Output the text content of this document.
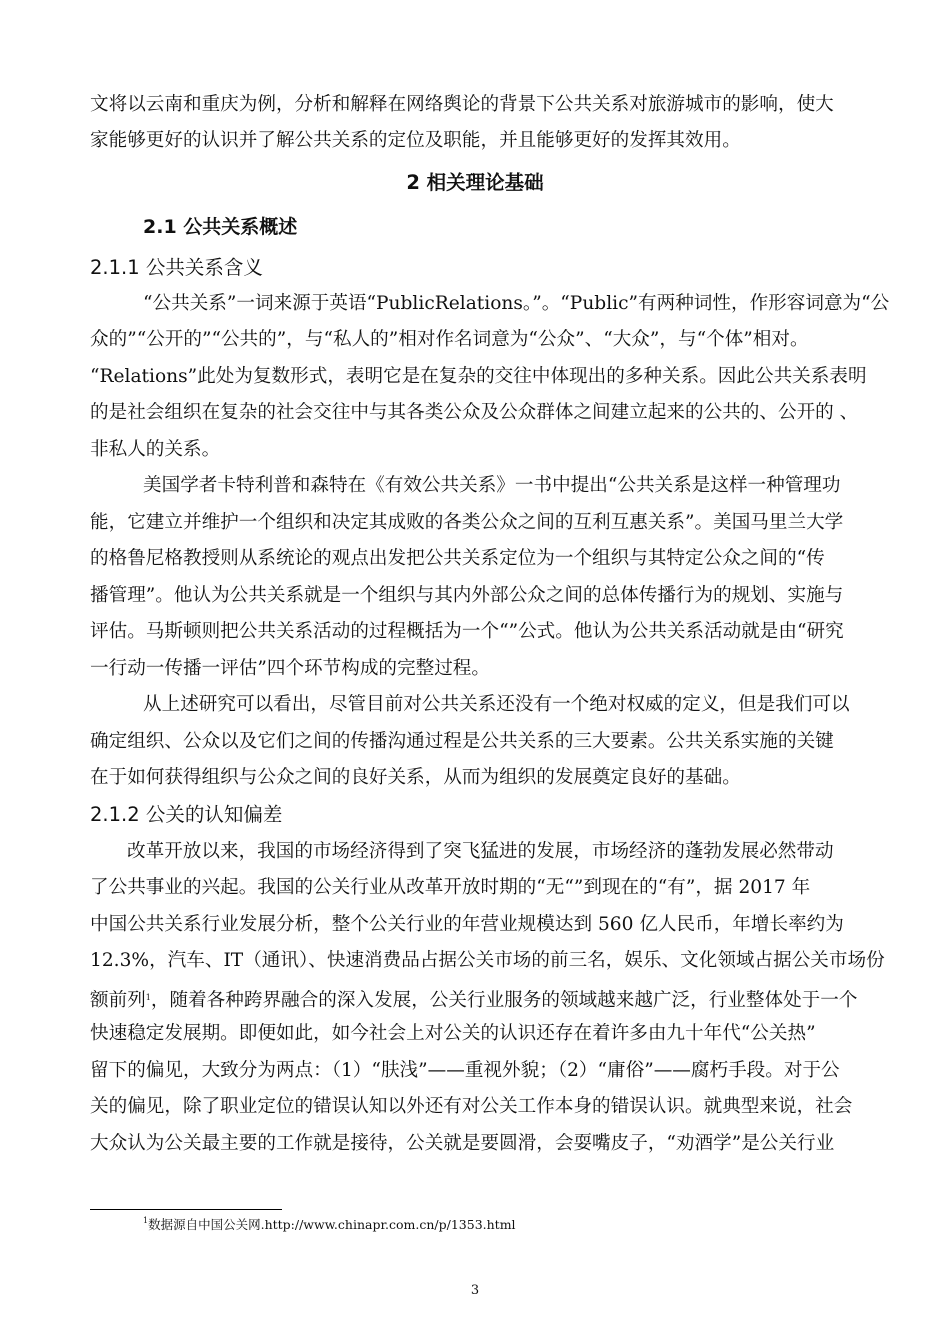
文将以云南和重庆为例，分析和解释在网络舆论的背景下公共关系对旅游城市的影响，使大
家能够更好的认识并了解公共关系的定位及职能，并且能够更好的发挥其效用。
2 相关理论基础
2.1 公共关系概述
2.1.1 公共关系含义
“公共关系”一词来源于英语“PublicRelations。”。“Public”有两种词性，作形容词意为“公
众的”“公开的”“公共的”，与“私人的”相对作名词意为“公众”、“大众”，与“个体”相对。
“Relations”此处为复数形式，表明它是在复杂的交往中体现出的多种关系。因此公共关系表明
的是社会组织在复杂的社会交往中与其各类公众及公众群体之间建立起来的公共的、公开的 、
非私人的关系。
美国学者卡特利普和森特在《有效公共关系》一书中提出“公共关系是这样一种管理功
能，它建立并维护一个组织和决定其成败的各类公众之间的互利互惠关系”。美国马里兰大学
的格鲁尼格教授则从系统论的观点出发把公共关系定位为一个组织与其特定公众之间的“传
播管理”。他认为公共关系就是一个组织与其内外部公众之间的总体传播行为的规划、实施与
评估。马斯顿则把公共关系活动的过程概括为一个“”公式。他认为公共关系活动就是由“研究
一行动一传播一评估”四个环节构成的完整过程。
从上述研究可以看出，尽管目前对公共关系还没有一个绝对权威的定义，但是我们可以
确定组织、公众以及它们之间的传播沟通过程是公共关系的三大要素。公共关系实施的关键
在于如何获得组织与公众之间的良好关系，从而为组织的发展奠定良好的基础。
2.1.2 公关的认知偏差
改革开放以来，我国的市场经济得到了突飞猛进的发展，市场经济的蓬勃发展必然带动
了公共事业的兴起。我国的公关行业从改革开放时期的“无“”到现在的“有”，据 2017 年
中国公共关系行业发展分析，整个公关行业的年营业规模达到 560 亿人民币，年增长率约为
12.3%，汽车、IT（通讯）、快速消费品占据公关市场的前三名，娱乐、文化领域占据公关市场份
额前列$^1$，随着各种跨界融合的深入发展，公关行业服务的领域越来越广泛，行业整体处于一个
快速稳定发展期。即便如此，如今社会上对公关的认识还存在着许多由九十年代“公关热”
留下的偏见，大致分为两点：（1）“肤浅”——重视外貌；（2）“庸俗”——腐朽手段。对于公
关的偏见，除了职业定位的错误认知以外还有对公关工作本身的错误认识。就典型来说，社会
大众认为公关最主要的工作就是接待，公关就是要圆滑，会耍嘴皮子，“劝酒学”是公关行业
$^1$数据源自中国公关网.http://www.chinapr.com.cn/p/1353.html
3
